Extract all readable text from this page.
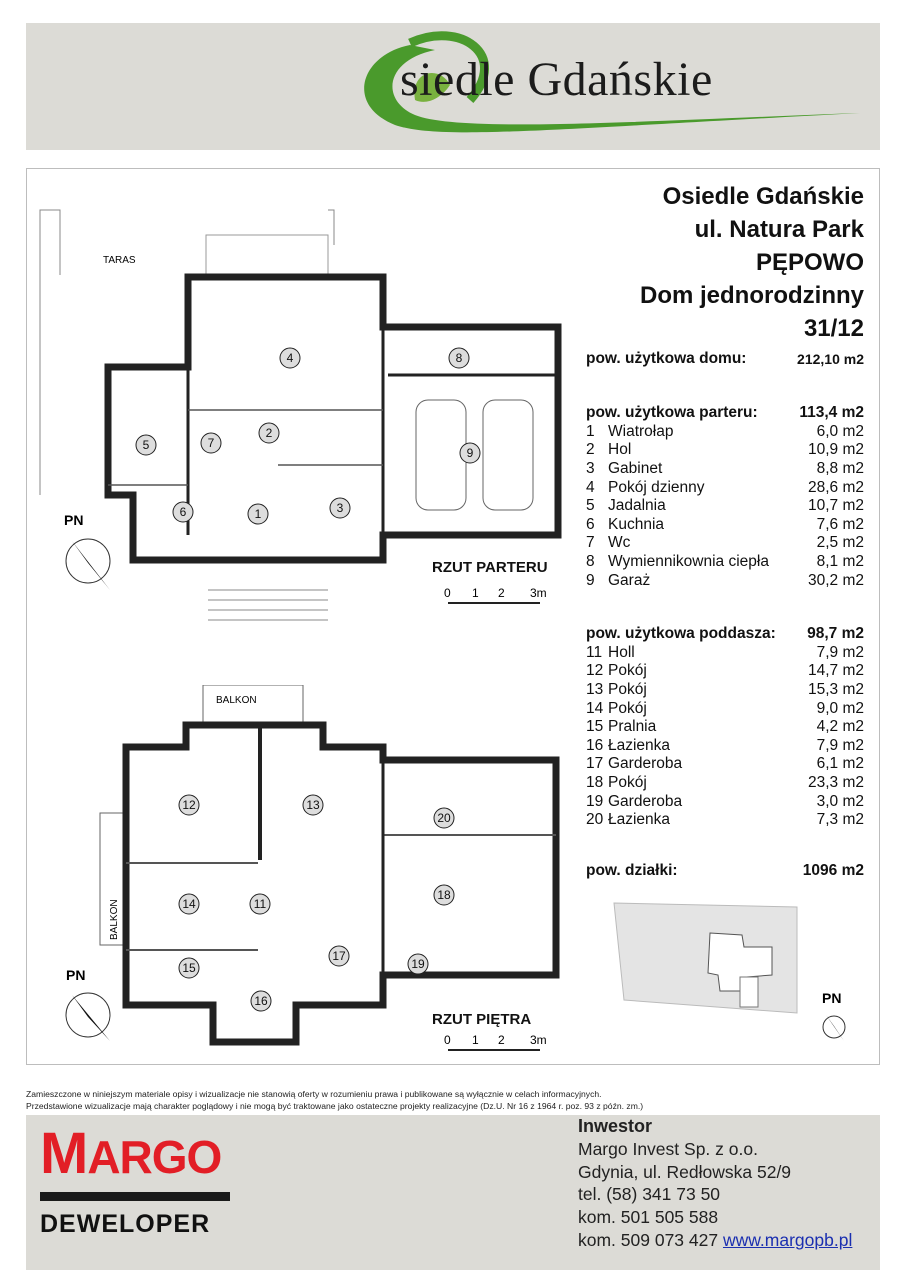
siedle Gdańskie
Osiedle Gdańskie
ul. Natura Park
PĘPOWO
Dom jednorodzinny
31/12
pow. użytkowa domu:	212,10 m2
pow. użytkowa parteru:	113,4 m2
1 Wiatrołap	6,0 m2
2 Hol	10,9 m2
3 Gabinet	8,8 m2
4 Pokój dzienny	28,6 m2
5 Jadalnia	10,7 m2
6 Kuchnia	7,6 m2
7 Wc	2,5 m2
8 Wymiennikownia ciepła	8,1 m2
9 Garaż	30,2 m2
pow. użytkowa poddasza:	98,7 m2
11 Holl	7,9 m2
12 Pokój	14,7 m2
13 Pokój	15,3 m2
14 Pokój	9,0 m2
15 Pralnia	4,2 m2
16 Łazienka	7,9 m2
17 Garderoba	6,1 m2
18 Pokój	23,3 m2
19 Garderoba	3,0 m2
20 Łazienka	7,3 m2
pow. działki:	1096 m2
PN
TARAS
4	8
2
5	7
9
3
6	1
PN
RZUT PARTERU
0 1 2 3m
BALKON
BALKON
12	13
20
18
14	11
17
19
15
16
PN
RZUT PIĘTRA
0 1 2 3m
Zamieszczone w niniejszym materiale opisy i wizualizacje nie stanowią oferty w rozumieniu prawa i publikowane są wyłącznie w celach informacyjnych.
Przedstawione wizualizacje mają charakter poglądowy i nie mogą być traktowane jako ostateczne projekty realizacyjne (Dz.U. Nr 16 z 1964 r. poz. 93 z późn. zm.)
MARGO
DEWELOPER
Inwestor
Margo Invest Sp. z o.o.
Gdynia, ul. Redłowska 52/9
tel. (58) 341 73 50
kom. 501 505 588
kom. 509 073 427 www.margopb.pl
